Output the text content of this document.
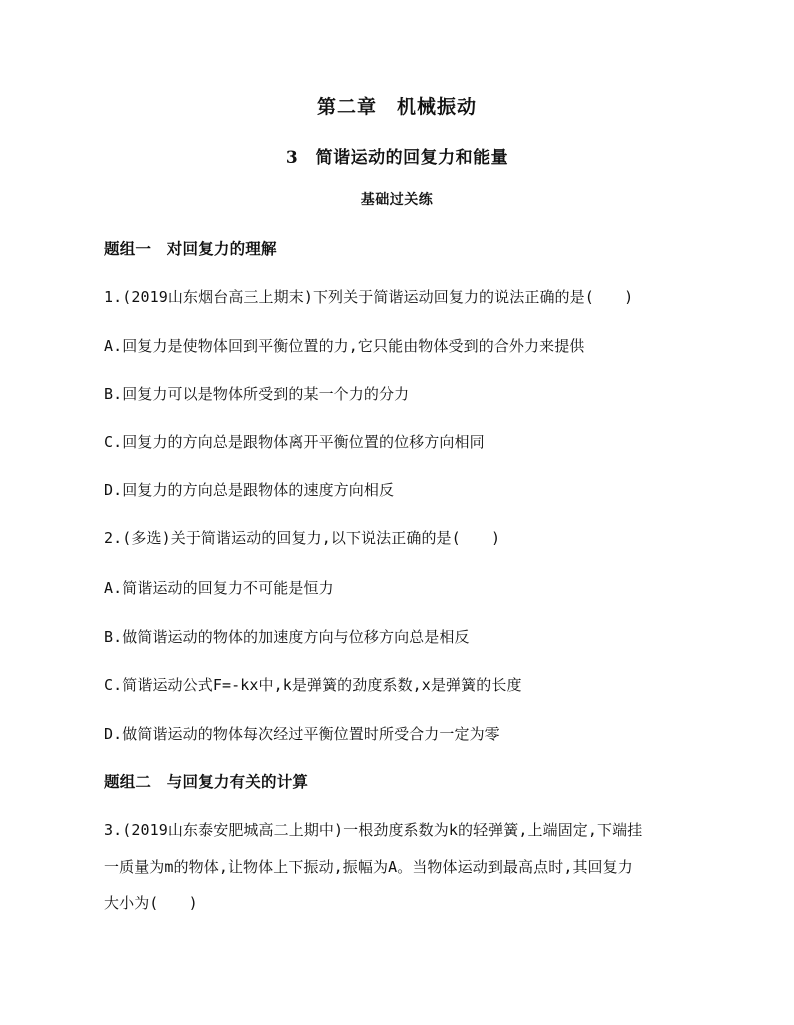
第二章　机械振动
3　简谐运动的回复力和能量
基础过关练
题组一　对回复力的理解
1.(2019山东烟台高三上期末)下列关于简谐运动回复力的说法正确的是(　　)
A.回复力是使物体回到平衡位置的力,它只能由物体受到的合外力来提供
B.回复力可以是物体所受到的某一个力的分力
C.回复力的方向总是跟物体离开平衡位置的位移方向相同
D.回复力的方向总是跟物体的速度方向相反
2.(多选)关于简谐运动的回复力,以下说法正确的是(　　)
A.简谐运动的回复力不可能是恒力
B.做简谐运动的物体的加速度方向与位移方向总是相反
C.简谐运动公式F=-kx中,k是弹簧的劲度系数,x是弹簧的长度
D.做简谐运动的物体每次经过平衡位置时所受合力一定为零
题组二　与回复力有关的计算
3.(2019山东泰安肥城高二上期中)一根劲度系数为k的轻弹簧,上端固定,下端挂
一质量为m的物体,让物体上下振动,振幅为A。当物体运动到最高点时,其回复力
大小为(　　)
